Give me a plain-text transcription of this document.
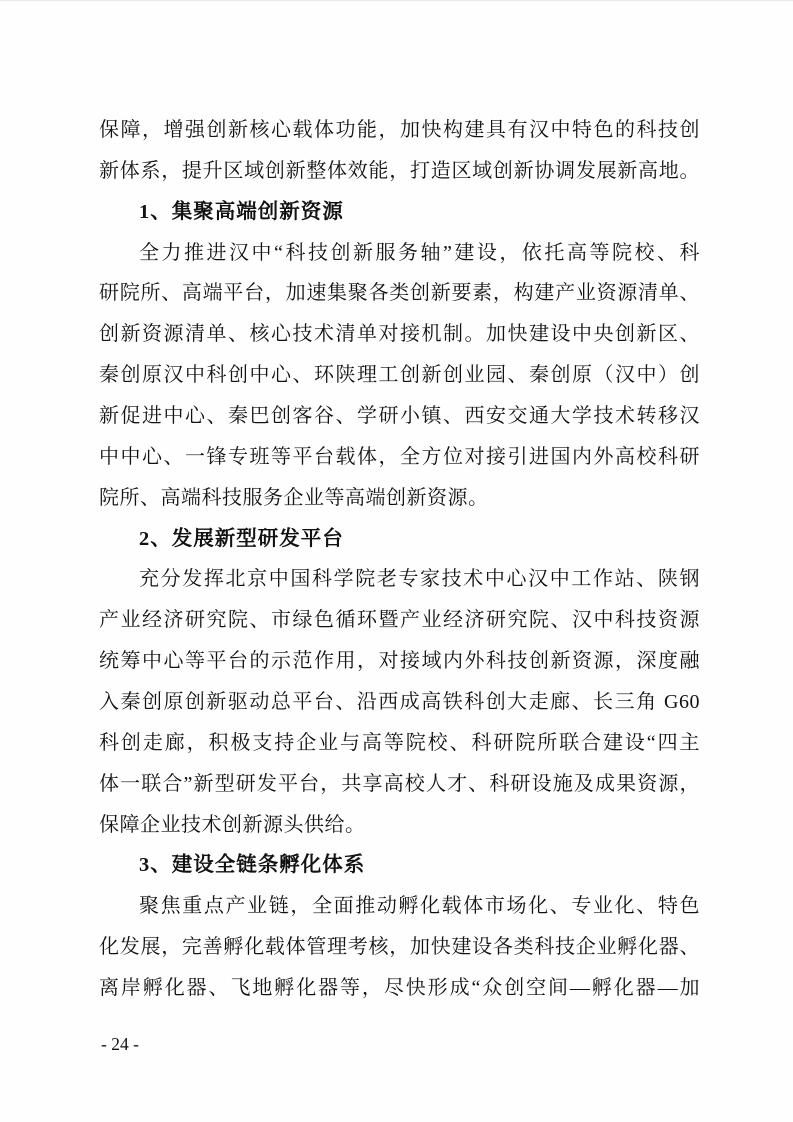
保障，增强创新核心载体功能，加快构建具有汉中特色的科技创
新体系，提升区域创新整体效能，打造区域创新协调发展新高地。
1、集聚高端创新资源
全力推进汉中“科技创新服务轴”建设，依托高等院校、科
研院所、高端平台，加速集聚各类创新要素，构建产业资源清单、
创新资源清单、核心技术清单对接机制。加快建设中央创新区、
秦创原汉中科创中心、环陕理工创新创业园、秦创原（汉中）创
新促进中心、秦巴创客谷、学研小镇、西安交通大学技术转移汉
中中心、一锋专班等平台载体，全方位对接引进国内外高校科研
院所、高端科技服务企业等高端创新资源。
2、发展新型研发平台
充分发挥北京中国科学院老专家技术中心汉中工作站、陕钢
产业经济研究院、市绿色循环暨产业经济研究院、汉中科技资源
统筹中心等平台的示范作用，对接域内外科技创新资源，深度融
入秦创原创新驱动总平台、沿西成高铁科创大走廊、长三角 G60
科创走廊，积极支持企业与高等院校、科研院所联合建设“四主
体一联合”新型研发平台，共享高校人才、科研设施及成果资源，
保障企业技术创新源头供给。
3、建设全链条孵化体系
聚焦重点产业链，全面推动孵化载体市场化、专业化、特色
化发展，完善孵化载体管理考核，加快建设各类科技企业孵化器、
离岸孵化器、飞地孵化器等，尽快形成“众创空间—孵化器—加
- 24 -
